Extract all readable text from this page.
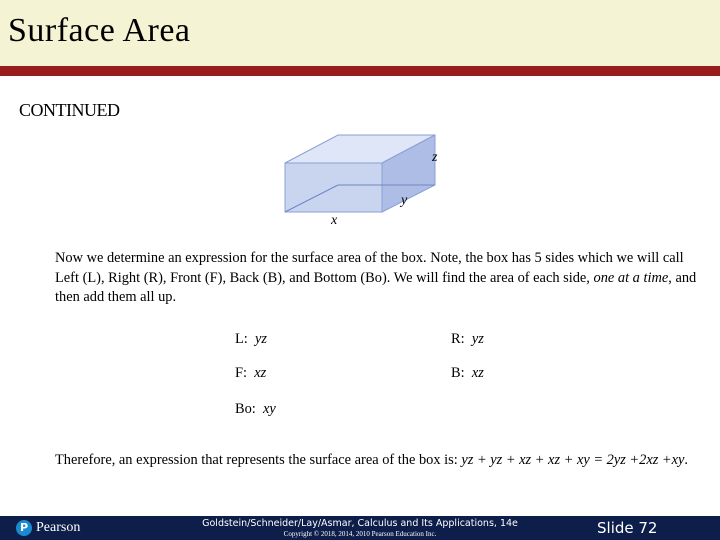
Surface Area
CONTINUED
z
y
x
Now we determine an expression for the surface area of the box. Note, the box has 5 sides which we will call Left (L), Right (R), Front (F), Back (B), and Bottom (Bo). We will find the area of each side, one at a time, and then add them all up.
L: yz	R: yz
F: xz	B: xz
Bo: xy
Therefore, an expression that represents the surface area of the box is: yz + yz + xz + xz + xy = 2yz +2xz +xy.
P Pearson	Goldstein/Schneider/Lay/Asmar, Calculus and Its Applications, 14e
Copyright © 2018, 2014, 2010 Pearson Education Inc.	Slide 72
